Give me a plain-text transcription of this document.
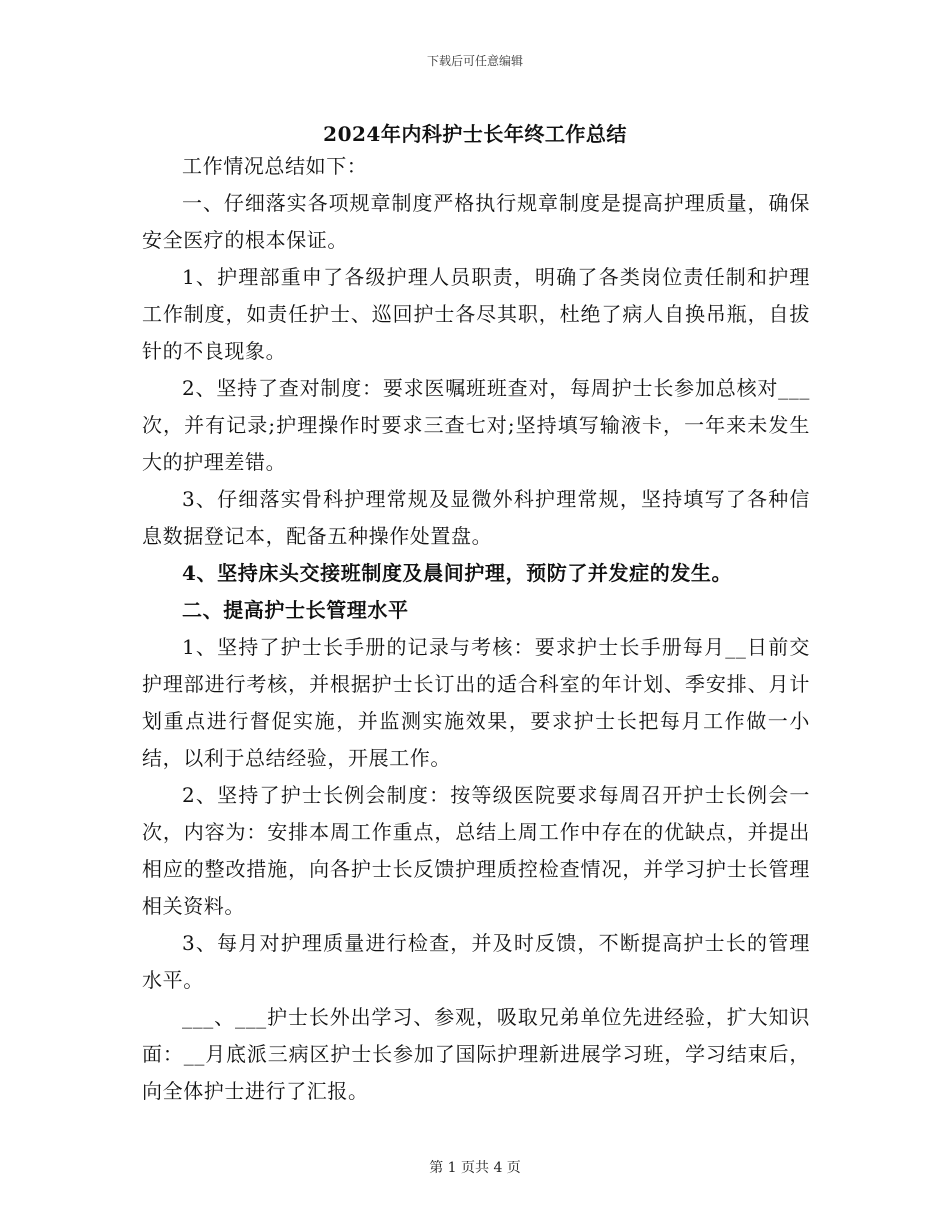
下载后可任意编辑
2024年内科护士长年终工作总结

工作情况总结如下：

一、仔细落实各项规章制度严格执行规章制度是提高护理质量，确保安全医疗的根本保证。

1、护理部重申了各级护理人员职责，明确了各类岗位责任制和护理工作制度，如责任护士、巡回护士各尽其职，杜绝了病人自换吊瓶，自拔针的不良现象。

2、坚持了查对制度：要求医嘱班班查对，每周护士长参加总核对___次，并有记录;护理操作时要求三查七对;坚持填写输液卡，一年来未发生大的护理差错。

3、仔细落实骨科护理常规及显微外科护理常规，坚持填写了各种信息数据登记本，配备五种操作处置盘。

4、坚持床头交接班制度及晨间护理，预防了并发症的发生。

二、提高护士长管理水平

1、坚持了护士长手册的记录与考核：要求护士长手册每月__日前交护理部进行考核，并根据护士长订出的适合科室的年计划、季安排、月计划重点进行督促实施，并监测实施效果，要求护士长把每月工作做一小结，以利于总结经验，开展工作。

2、坚持了护士长例会制度：按等级医院要求每周召开护士长例会一次，内容为：安排本周工作重点，总结上周工作中存在的优缺点，并提出相应的整改措施，向各护士长反馈护理质控检查情况，并学习护士长管理相关资料。

3、每月对护理质量进行检查，并及时反馈，不断提高护士长的管理水平。

___、___护士长外出学习、参观，吸取兄弟单位先进经验，扩大知识面：__月底派三病区护士长参加了国际护理新进展学习班，学习结束后，向全体护士进行了汇报。

第 1 页共 4 页
